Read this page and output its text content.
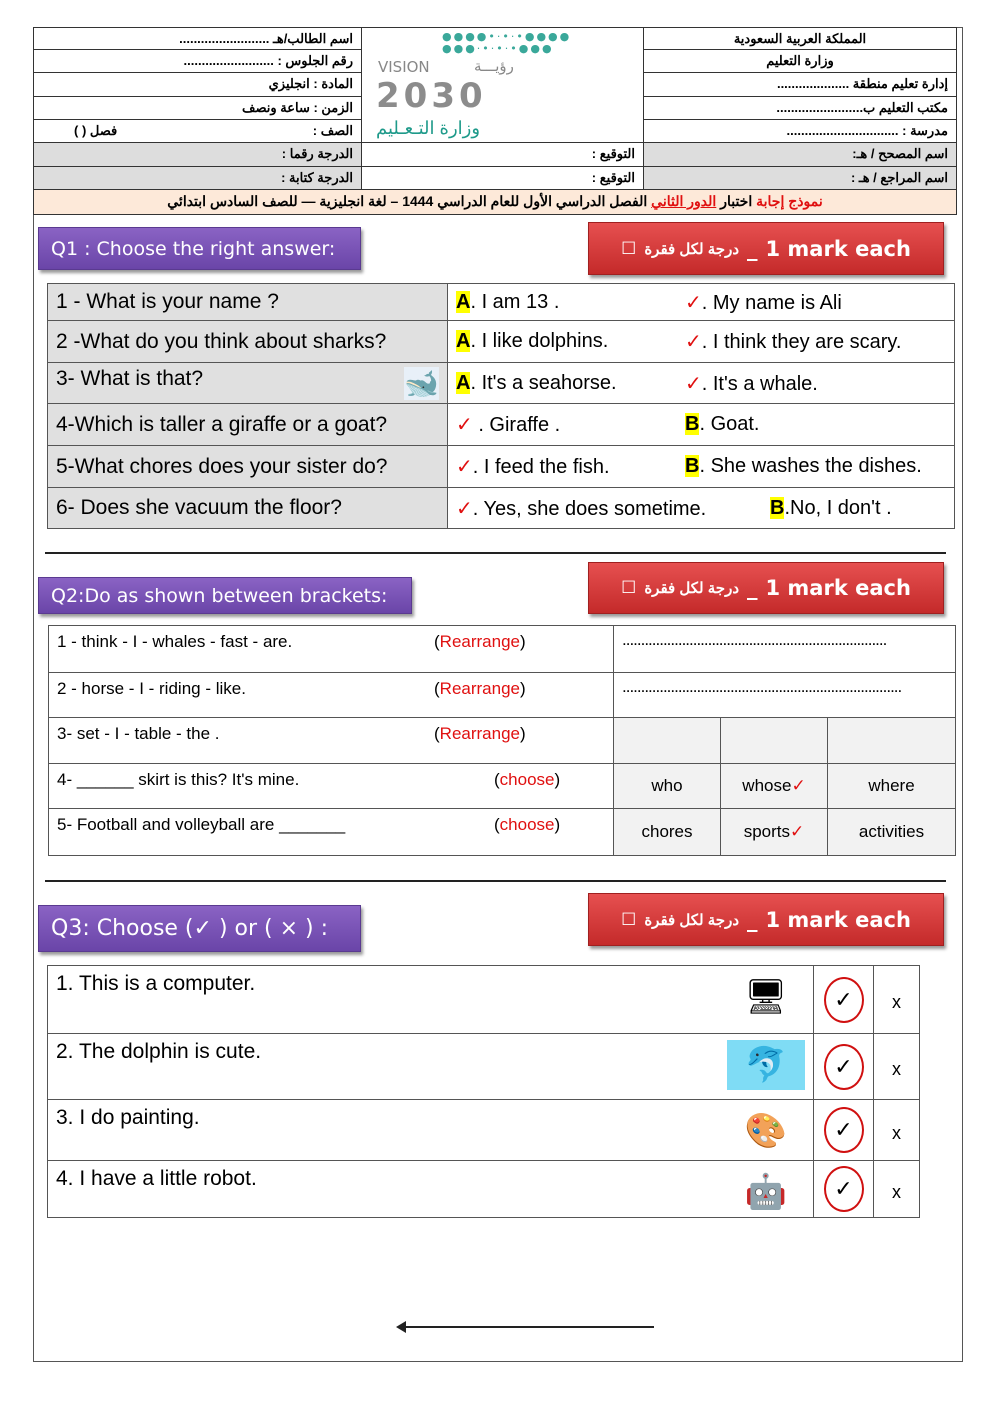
المملكة العربية السعودية
وزارة التعليم
إدارة تعليم منطقة ....................
مكتب التعليم ب........................
مدرسة : ...............................
اسم المصحح / هـ:
اسم المراجع / هـ :
اسم الطالب/هـ .........................
رقم الجلوس : .........................
المادة : انجليزي
الزمن : ساعة ونصف
الصف :
فصل ( )
الدرجة رقما :
الدرجة كتابة :
●●●●•·•·•●●●●
●●●·•·•·•●●●
VISION	رؤيـــة
2030
وزارة التـعـليم
التوقيع :
التوقيع :
نموذج إجابة اختبار الدور الثاني الفصل الدراسي الأول للعام الدراسي 1444 – لغة انجليزية — للصف السادس ابتدائي
Q1 : Choose the right answer:	☐ درجة لكل فقرة _ 1 mark each
1 - What is your name ?	A. I am 13 . ✓. My name is Ali

2 -What do you think about sharks?	A. I like dolphins. ✓. I think they are scary.

3- What is that? 🐋	A. It's a seahorse. ✓. It's a whale.

4-Which is taller a giraffe or a goat?	✓ . Giraffe . B. Goat.

5-What chores does your sister do?	✓. I feed the fish. B. She washes the dishes.

6- Does she vacuum the floor?	✓. Yes, she does sometime. B.No, I don't .
Q2:Do as shown between brackets:	☐ درجة لكل فقرة _ 1 mark each
1 - think - I - whales - fast - are. (Rearrange)	.......................................................................		

2 - horse - I - riding - like. (Rearrange)	...........................................................................		

3- set - I - table - the . (Rearrange)			

4- ______ skirt is this? It's mine. (choose)	who	whose✓	where

5- Football and volleyball are _______ (choose)	chores	sports✓	activities
Q3: Choose (✓ ) or ( × ) :	☐ درجة لكل فقرة _ 1 mark each
1. This is a computer. 🖥	✓	x
2. The dolphin is cute. 🐬	✓	x
3. I do painting. 🎨	✓	x
4. I have a little robot. 🤖	✓	x
